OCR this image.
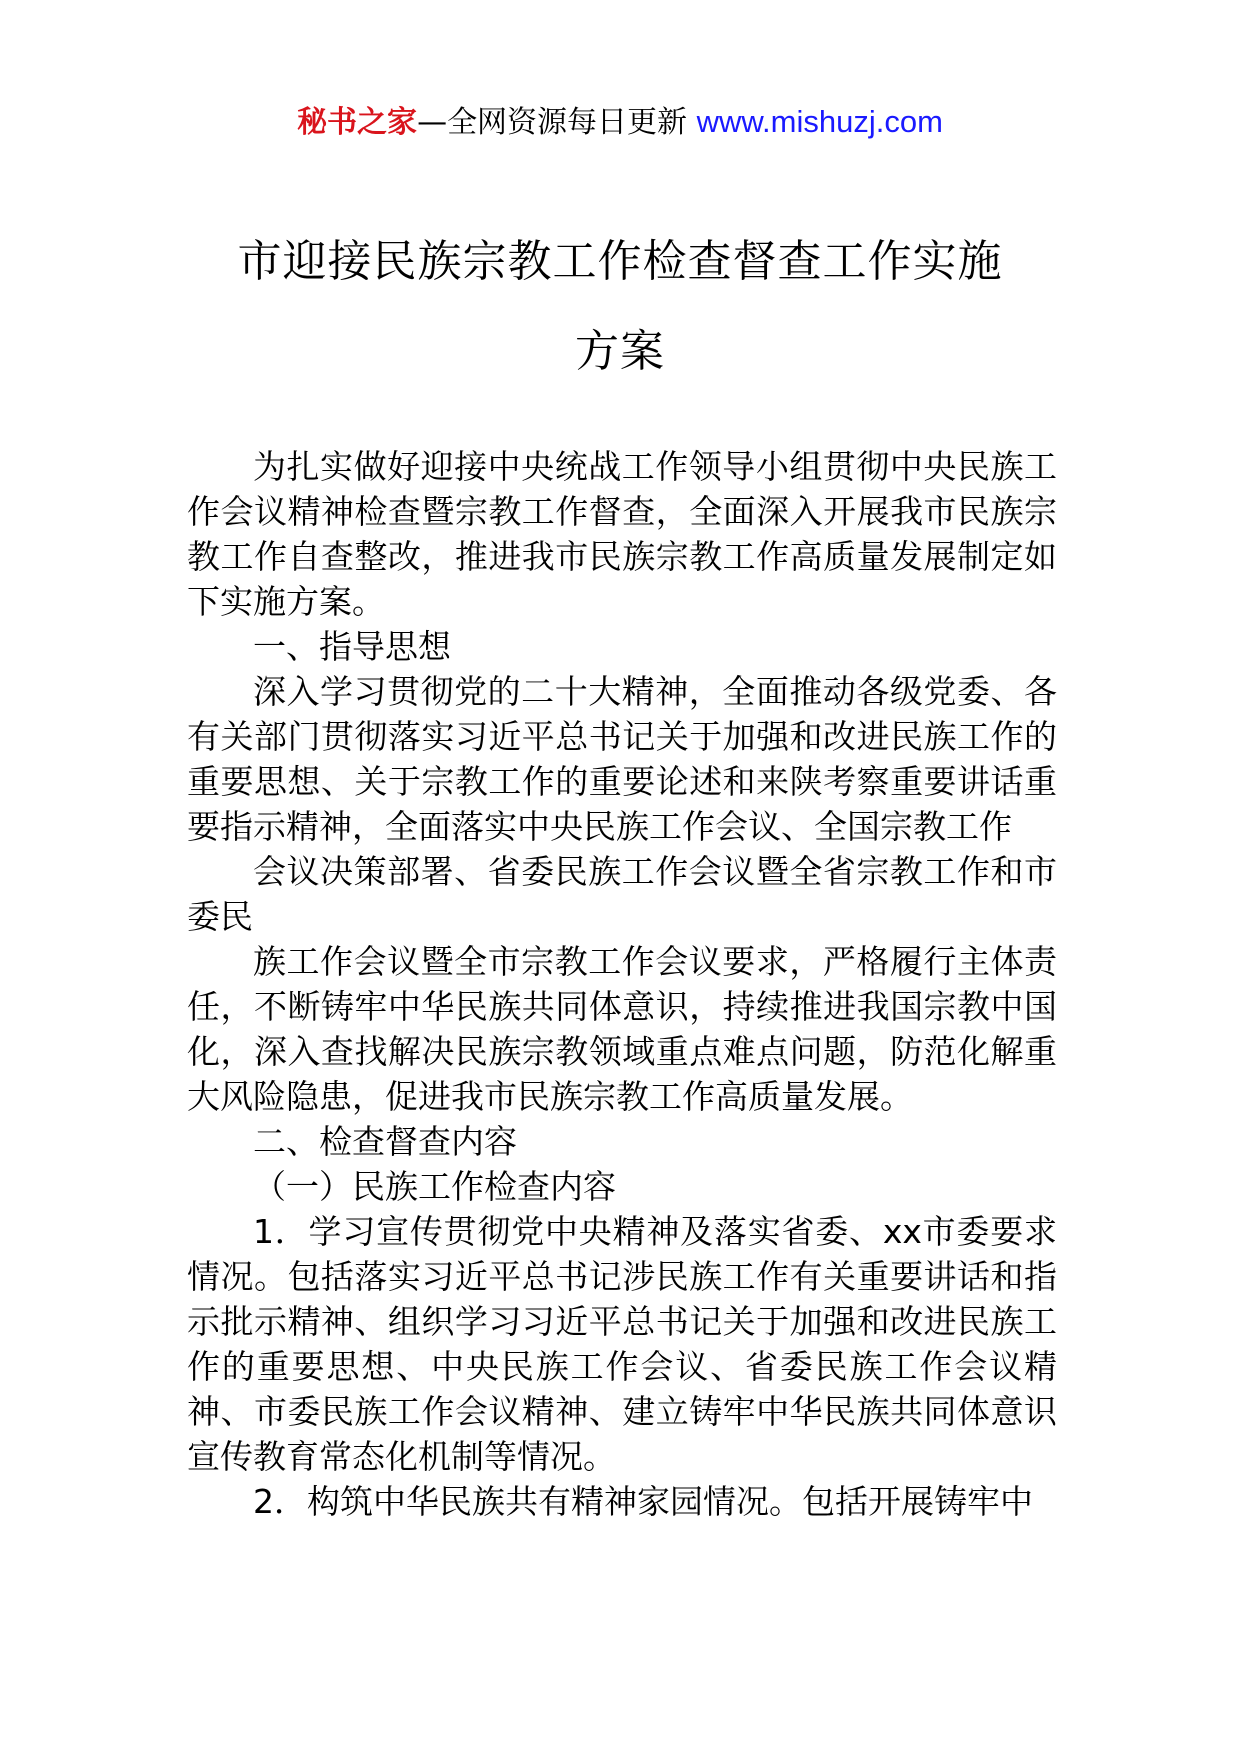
秘书之家—全网资源每日更新 www.mishuzj.com
市迎接民族宗教工作检查督查工作实施
方案

为扎实做好迎接中央统战工作领导小组贯彻中央民族工作会议精神检查暨宗教工作督查，全面深入开展我市民族宗教工作自查整改，推进我市民族宗教工作高质量发展制定如下实施方案。

一、指导思想

深入学习贯彻党的二十大精神，全面推动各级党委、各有关部门贯彻落实习近平总书记关于加强和改进民族工作的重要思想、关于宗教工作的重要论述和来陕考察重要讲话重要指示精神，全面落实中央民族工作会议、全国宗教工作

会议决策部署、省委民族工作会议暨全省宗教工作和市委民

族工作会议暨全市宗教工作会议要求，严格履行主体责任，不断铸牢中华民族共同体意识，持续推进我国宗教中国化，深入查找解决民族宗教领域重点难点问题，防范化解重大风险隐患，促进我市民族宗教工作高质量发展。

二、检查督查内容

（一）民族工作检查内容

1．学习宣传贯彻党中央精神及落实省委、xx市委要求情况。包括落实习近平总书记涉民族工作有关重要讲话和指示批示精神、组织学习习近平总书记关于加强和改进民族工作的重要思想、中央民族工作会议、省委民族工作会议精神、市委民族工作会议精神、建立铸牢中华民族共同体意识宣传教育常态化机制等情况。

2．构筑中华民族共有精神家园情况。包括开展铸牢中
